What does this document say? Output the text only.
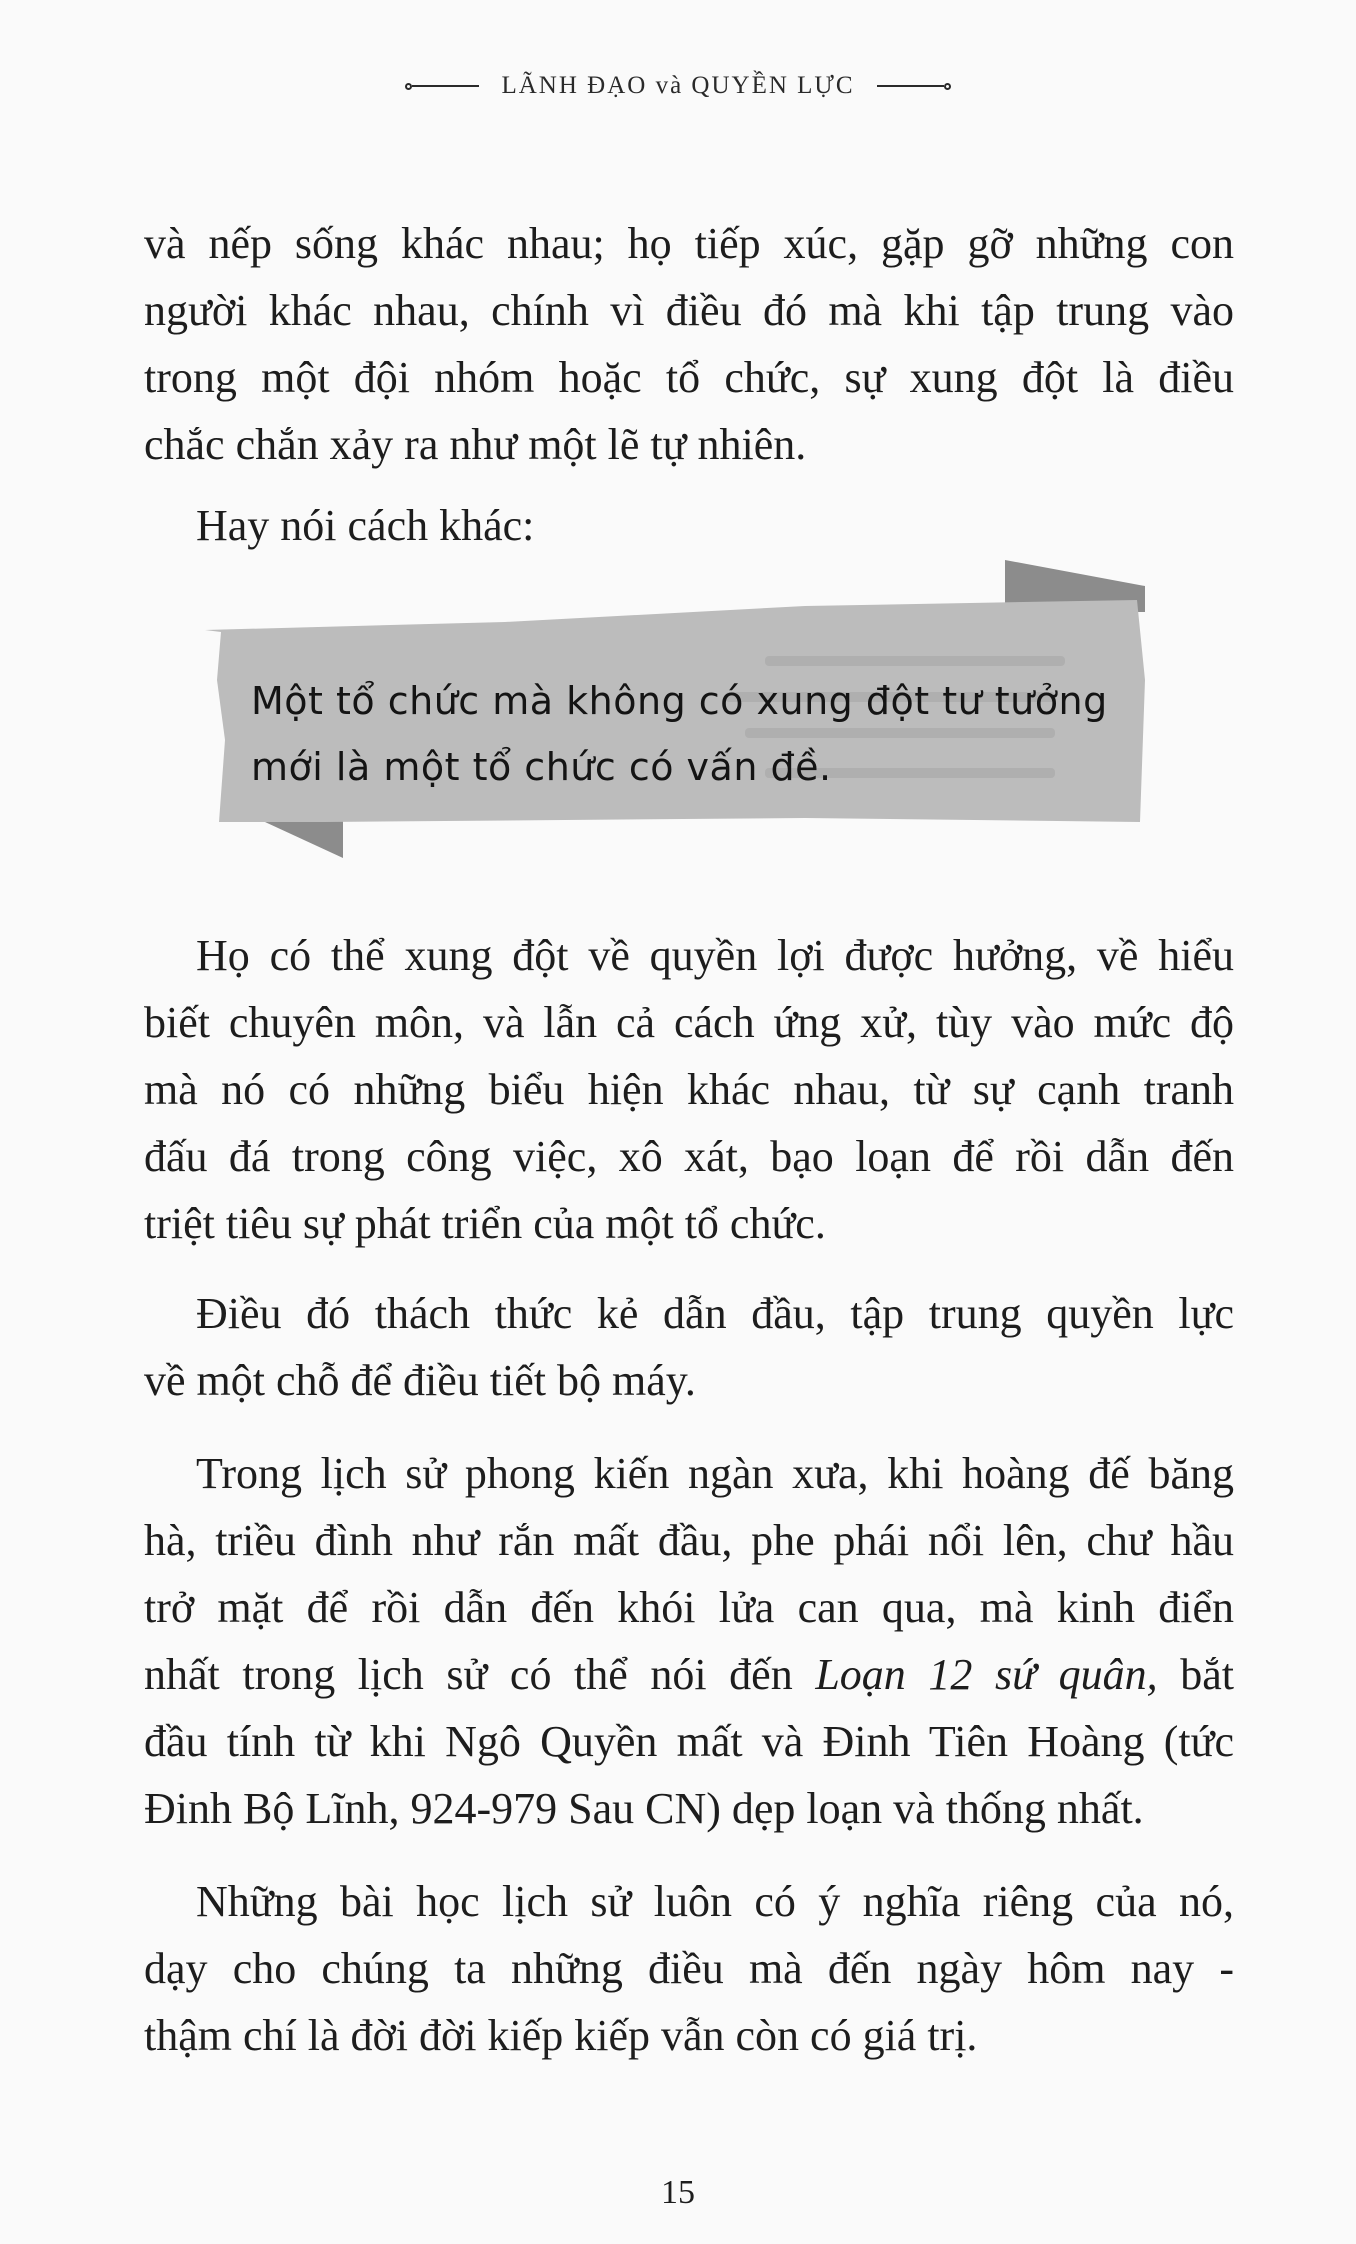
LÃNH ĐẠO và QUYỀN LỰC
và nếp sống khác nhau; họ tiếp xúc, gặp gỡ những con
người khác nhau, chính vì điều đó mà khi tập trung vào
trong một đội nhóm hoặc tổ chức, sự xung đột là điều
chắc chắn xảy ra như một lẽ tự nhiên.
Hay nói cách khác:
Một tổ chức mà không có xung đột tư tưởng
mới là một tổ chức có vấn đề.
Họ có thể xung đột về quyền lợi được hưởng, về hiểu
biết chuyên môn, và lẫn cả cách ứng xử, tùy vào mức độ
mà nó có những biểu hiện khác nhau, từ sự cạnh tranh
đấu đá trong công việc, xô xát, bạo loạn để rồi dẫn đến
triệt tiêu sự phát triển của một tổ chức.
Điều đó thách thức kẻ dẫn đầu, tập trung quyền lực
về một chỗ để điều tiết bộ máy.
Trong lịch sử phong kiến ngàn xưa, khi hoàng đế băng
hà, triều đình như rắn mất đầu, phe phái nổi lên, chư hầu
trở mặt để rồi dẫn đến khói lửa can qua, mà kinh điển
nhất trong lịch sử có thể nói đến Loạn 12 sứ quân, bắt
đầu tính từ khi Ngô Quyền mất và Đinh Tiên Hoàng (tức
Đinh Bộ Lĩnh, 924-979 Sau CN) dẹp loạn và thống nhất.
Những bài học lịch sử luôn có ý nghĩa riêng của nó,
dạy cho chúng ta những điều mà đến ngày hôm nay -
thậm chí là đời đời kiếp kiếp vẫn còn có giá trị.
15
